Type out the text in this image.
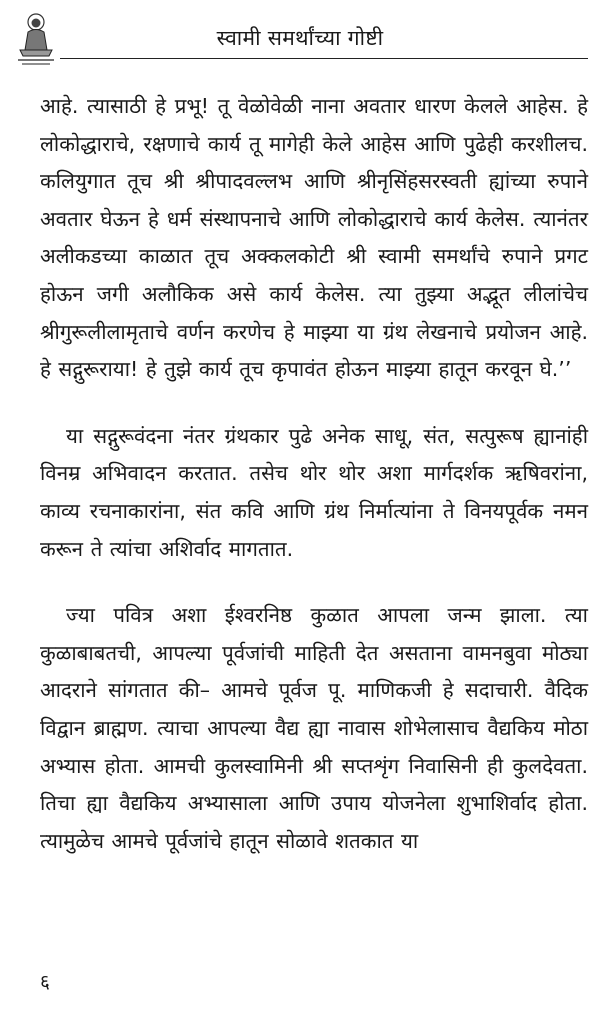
स्वामी समर्थांच्या गोष्टी

आहे. त्यासाठी हे प्रभू! तू वेळोवेळी नाना अवतार धारण केलले आहेस. हे लोकोद्धाराचे, रक्षणाचे कार्य तू मागेही केले आहेस आणि पुढेही करशीलच. कलियुगात तूच श्री श्रीपादवल्लभ आणि श्रीनृसिंहसरस्वती ह्यांच्या रुपाने अवतार घेऊन हे धर्म संस्थापनाचे आणि लोकोद्धाराचे कार्य केलेस. त्यानंतर अलीकडच्या काळात तूच अक्कलकोटी श्री स्वामी समर्थांचे रुपाने प्रगट होऊन जगी अलौकिक असे कार्य केलेस. त्या तुझ्या अद्भूत लीलांचेच श्रीगुरूलीलामृताचे वर्णन करणेच हे माझ्या या ग्रंथ लेखनाचे प्रयोजन आहे. हे सद्गुरूराया! हे तुझे कार्य तूच कृपावंत होऊन माझ्या हातून करवून घे.’’

या सद्गुरूवंदना नंतर ग्रंथकार पुढे अनेक साधू, संत, सत्पुरूष ह्यानांही विनम्र अभिवादन करतात. तसेच थोर थोर अशा मार्गदर्शक ऋषिवरांना, काव्य रचनाकारांना, संत कवि आणि ग्रंथ निर्मात्यांना ते विनयपूर्वक नमन करून ते त्यांचा अशिर्वाद मागतात.

ज्या पवित्र अशा ईश्वरनिष्ठ कुळात आपला जन्म झाला. त्या कुळाबाबतची, आपल्या पूर्वजांची माहिती देत असताना वामनबुवा मोठ्या आदराने सांगतात की– आमचे पूर्वज पू. माणिकजी हे सदाचारी. वैदिक विद्वान ब्राह्मण. त्याचा आपल्या वैद्य ह्या नावास शोभेलासाच वैद्यकिय मोठा अभ्यास होता. आमची कुलस्वामिनी श्री सप्तशृंग निवासिनी ही कुलदेवता. तिचा ह्या वैद्यकिय अभ्यासाला आणि उपाय योजनेला शुभाशिर्वाद होता. त्यामुळेच आमचे पूर्वजांचे हातून सोळावे शतकात या

६
